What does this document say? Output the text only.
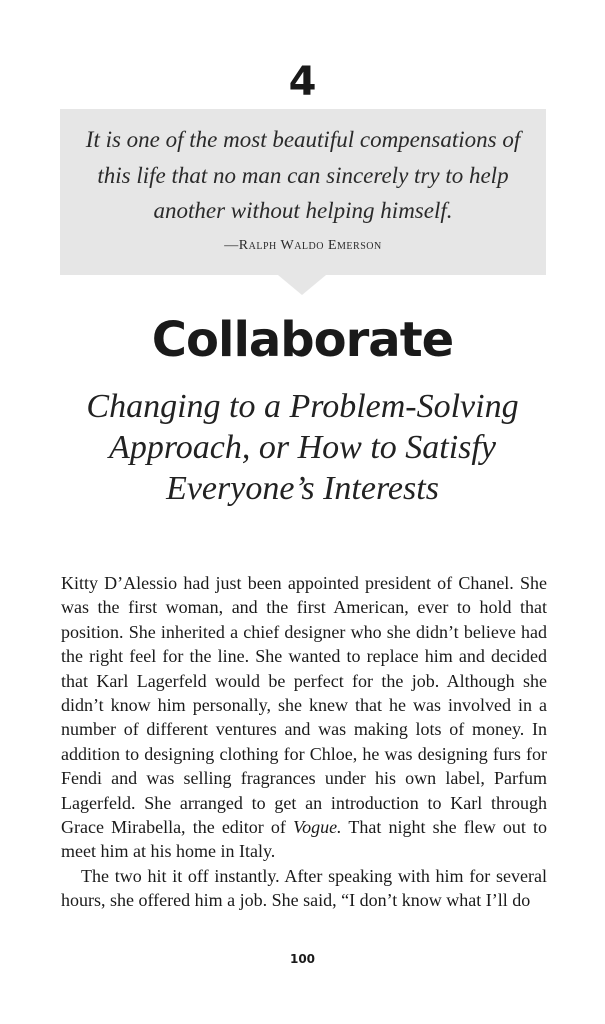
4

It is one of the most beautiful compensations of
this life that no man can sincerely try to help
another without helping himself.

—Ralph Waldo Emerson
Collaborate
Changing to a Problem-Solving
Approach, or How to Satisfy
Everyone’s Interests

Kitty D’Alessio had just been appointed president of Chanel. She was the first woman, and the first American, ever to hold that position. She inherited a chief designer who she didn’t believe had the right feel for the line. She wanted to replace him and decided that Karl Lagerfeld would be perfect for the job. Although she didn’t know him personally, she knew that he was involved in a number of different ventures and was making lots of money. In addition to designing clothing for Chloe, he was designing furs for Fendi and was selling fragrances under his own label, Parfum Lagerfeld. She arranged to get an introduction to Karl through Grace Mirabella, the editor of Vogue. That night she flew out to meet him at his home in Italy.

The two hit it off instantly. After speaking with him for several hours, she offered him a job. She said, “I don’t know what I’ll do

100
